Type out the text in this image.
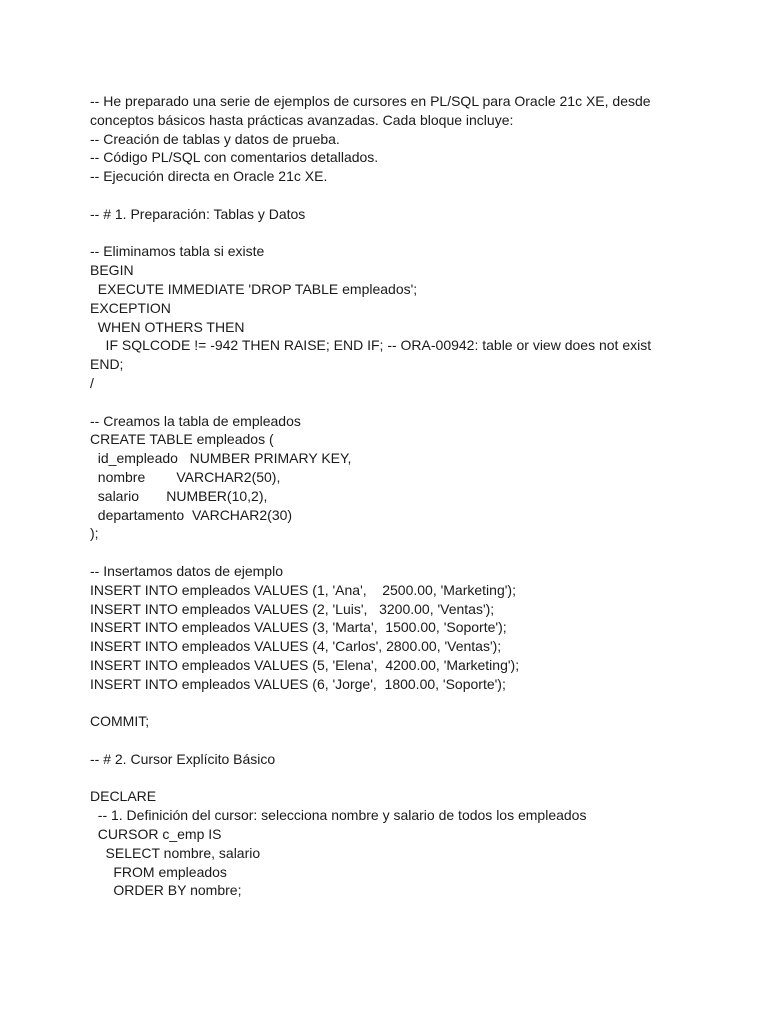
-- He preparado una serie de ejemplos de cursores en PL/SQL para Oracle 21c XE, desde
conceptos básicos hasta prácticas avanzadas. Cada bloque incluye:
-- Creación de tablas y datos de prueba.
-- Código PL/SQL con comentarios detallados.
-- Ejecución directa en Oracle 21c XE.
-- # 1. Preparación: Tablas y Datos
-- Eliminamos tabla si existe
BEGIN
EXECUTE IMMEDIATE 'DROP TABLE empleados';
EXCEPTION
WHEN OTHERS THEN
IF SQLCODE != -942 THEN RAISE; END IF; -- ORA-00942: table or view does not exist
END;
/
-- Creamos la tabla de empleados
CREATE TABLE empleados (
id_empleado   NUMBER PRIMARY KEY,
nombre        VARCHAR2(50),
salario       NUMBER(10,2),
departamento  VARCHAR2(30)
);
-- Insertamos datos de ejemplo
INSERT INTO empleados VALUES (1, 'Ana',    2500.00, 'Marketing');
INSERT INTO empleados VALUES (2, 'Luis',   3200.00, 'Ventas');
INSERT INTO empleados VALUES (3, 'Marta',  1500.00, 'Soporte');
INSERT INTO empleados VALUES (4, 'Carlos', 2800.00, 'Ventas');
INSERT INTO empleados VALUES (5, 'Elena',  4200.00, 'Marketing');
INSERT INTO empleados VALUES (6, 'Jorge',  1800.00, 'Soporte');
COMMIT;
-- # 2. Cursor Explícito Básico
DECLARE
-- 1. Definición del cursor: selecciona nombre y salario de todos los empleados
CURSOR c_emp IS
SELECT nombre, salario
FROM empleados
ORDER BY nombre;
